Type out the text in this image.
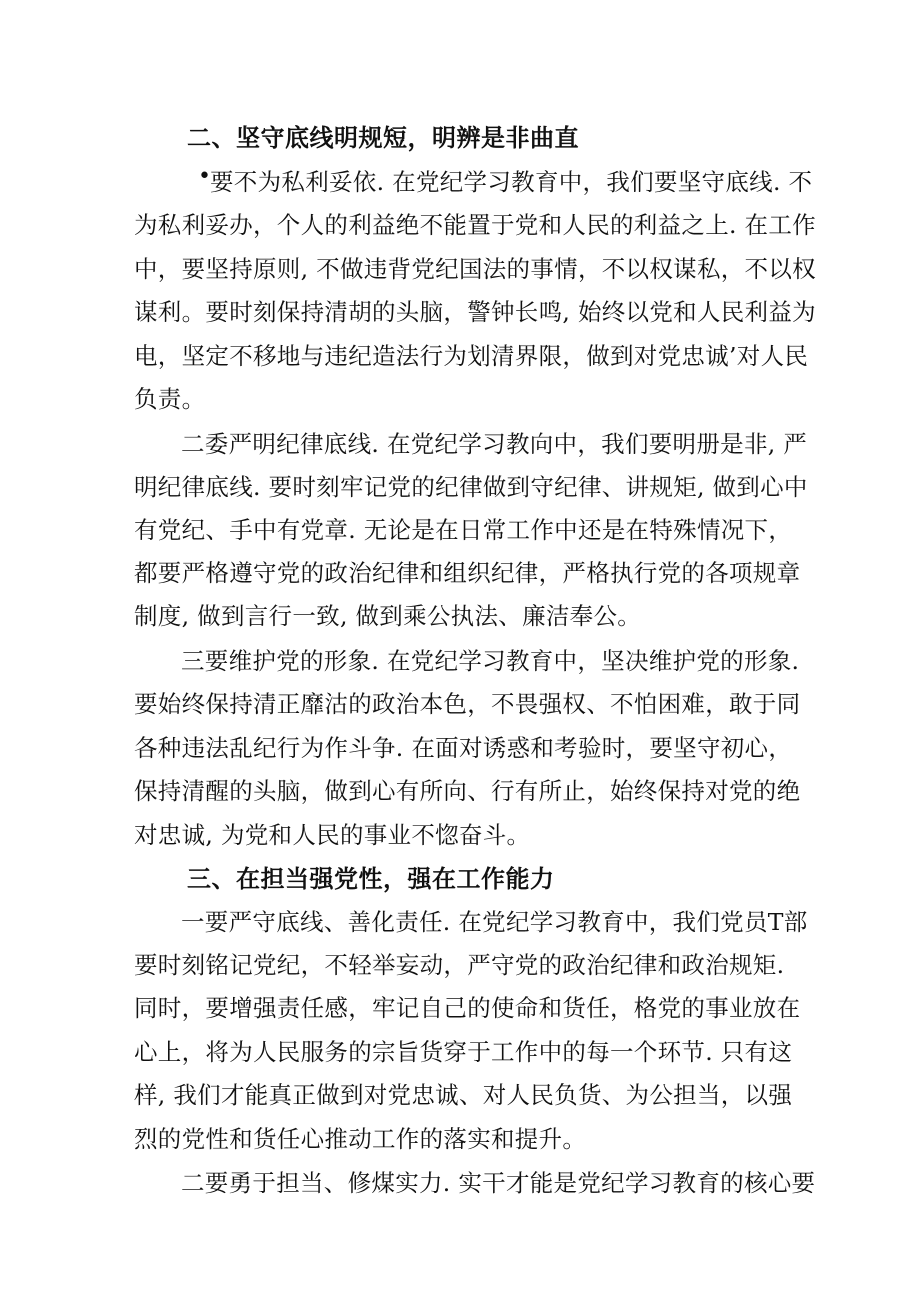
二、坚守底线明规短，明辨是非曲直
• 要不为私利妥依. 在党纪学习教育中，我们要坚守底线. 不
为私利妥办，个人的利益绝不能置于党和人民的利益之上. 在工作
中，要坚持原则, 不做违背党纪国法的事情，不以权谋私，不以权
谋利。要时刻保持清胡的头脑，警钟长鸣, 始终以党和人民利益为
电，坚定不移地与违纪造法行为划清界限，做到对党忠诚’对人民
负责。
二委严明纪律底线. 在党纪学习教向中，我们要明册是非, 严
明纪律底线. 要时刻牢记党的纪律做到守纪律、讲规矩, 做到心中
有党纪、手中有党章. 无论是在日常工作中还是在特殊情况下，
都要严格遵守党的政治纪律和组织纪律，严格执行党的各项规章
制度, 做到言行一致, 做到乘公执法、廉洁奉公。
三要维护党的形象. 在党纪学习教育中，坚决维护党的形象.
要始终保持清正靡沽的政治本色，不畏强权、不怕困难，敢于同
各种违法乱纪行为作斗争. 在面对诱惑和考验时，要坚守初心，
保持清醒的头脑，做到心有所向、行有所止，始终保持对党的绝
对忠诚, 为党和人民的事业不惚奋斗。
三、在担当强党性，强在工作能力
一要严守底线、善化责任. 在党纪学习教育中，我们党员T部
要时刻铭记党纪，不轻举妄动，严守党的政治纪律和政治规矩.
同时，要增强责任感，牢记自己的使命和货任，格党的事业放在
心上，将为人民服务的宗旨货穿于工作中的每一个环节. 只有这
样, 我们才能真正做到对党忠诚、对人民负货、为公担当，以强
烈的党性和货任心推动工作的落实和提升。
二要勇于担当、修煤实力. 实干才能是党纪学习教育的核心要
